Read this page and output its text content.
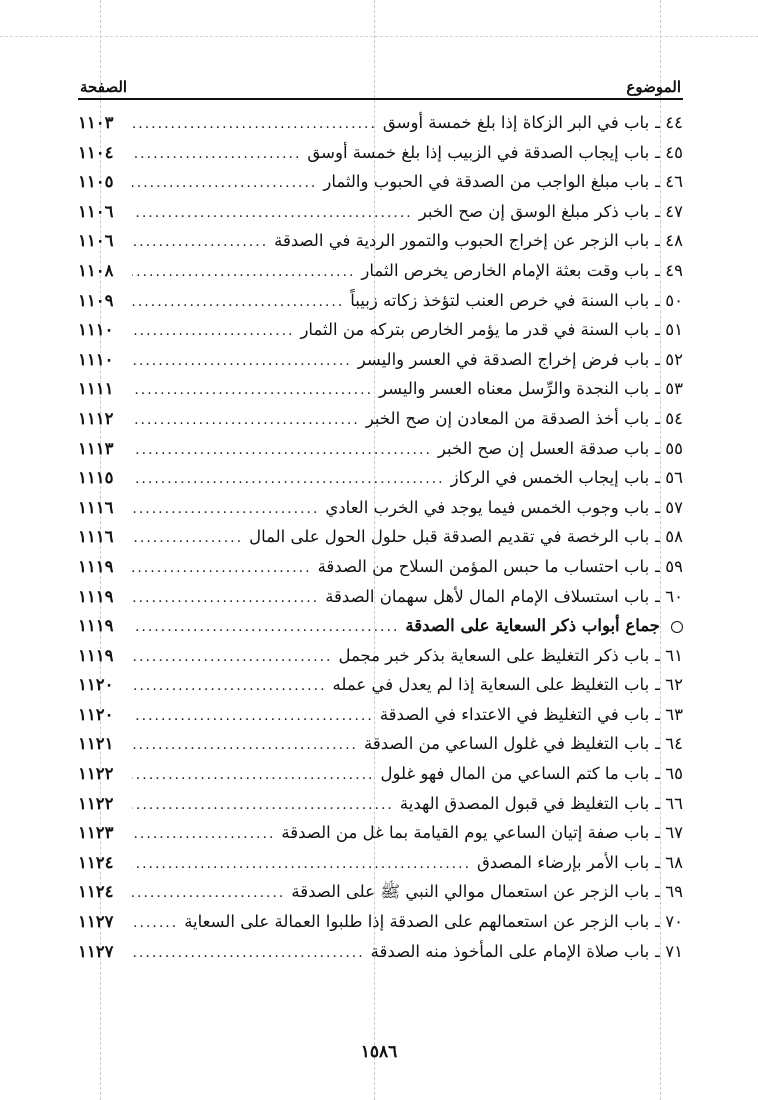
الموضوع
الصفحة
٤٤ ـ
باب في البر الزكاة إذا بلغ خمسة أوسق
.....
١١٠٣
٤٥ ـ
باب إيجاب الصدقة في الزبيب إذا بلغ خمسة أوسق
.....
١١٠٤
٤٦ ـ
باب مبلغ الواجب من الصدقة في الحبوب والثمار
.....
١١٠٥
٤٧ ـ
باب ذكر مبلغ الوسق إن صح الخبر
.....
١١٠٦
٤٨ ـ
باب الزجر عن إخراج الحبوب والتمور الردية في الصدقة
.....
١١٠٦
٤٩ ـ
باب وقت بعثة الإمام الخارص يخرص الثمار
.....
١١٠٨
٥٠ ـ
باب السنة في خرص العنب لتؤخذ زكاته زبيباً
.....
١١٠٩
٥١ ـ
باب السنة في قدر ما يؤمر الخارص بتركه من الثمار
.....
١١١٠
٥٢ ـ
باب فرض إخراج الصدقة في العسر واليسر
.....
١١١٠
٥٣ ـ
باب النجدة والرِّسل معناه العسر واليسر
.....
١١١١
٥٤ ـ
باب أخذ الصدقة من المعادن إن صح الخبر
.....
١١١٢
٥٥ ـ
باب صدقة العسل إن صح الخبر
.....
١١١٣
٥٦ ـ
باب إيجاب الخمس في الركاز
.....
١١١٥
٥٧ ـ
باب وجوب الخمس فيما يوجد في الخرب العادي
.....
١١١٦
٥٨ ـ
باب الرخصة في تقديم الصدقة قبل حلول الحول على المال
.....
١١١٦
٥٩ ـ
باب احتساب ما حبس المؤمن السلاح من الصدقة
.....
١١١٩
٦٠ ـ
باب استسلاف الإمام المال لأهل سهمان الصدقة
.....
١١١٩
جماع أبواب ذكر السعاية على الصدقة
.....
١١١٩
٦١ ـ
باب ذكر التغليظ على السعاية بذكر خبر مجمل
.....
١١١٩
٦٢ ـ
باب التغليظ على السعاية إذا لم يعدل في عمله
.....
١١٢٠
٦٣ ـ
باب في التغليظ في الاعتداء في الصدقة
.....
١١٢٠
٦٤ ـ
باب التغليظ في غلول الساعي من الصدقة
.....
١١٢١
٦٥ ـ
باب ما كتم الساعي من المال فهو غلول
.....
١١٢٢
٦٦ ـ
باب التغليظ في قبول المصدق الهدية
.....
١١٢٢
٦٧ ـ
باب صفة إتيان الساعي يوم القيامة بما غل من الصدقة
.....
١١٢٣
٦٨ ـ
باب الأمر بإرضاء المصدق
.....
١١٢٤
٦٩ ـ
باب الزجر عن استعمال موالي النبي ﷺ على الصدقة
.....
١١٢٤
٧٠ ـ
باب الزجر عن استعمالهم على الصدقة إذا طلبوا العمالة على السعاية
.....
١١٢٧
٧١ ـ
باب صلاة الإمام على المأخوذ منه الصدقة
.....
١١٢٧
١٥٨٦
